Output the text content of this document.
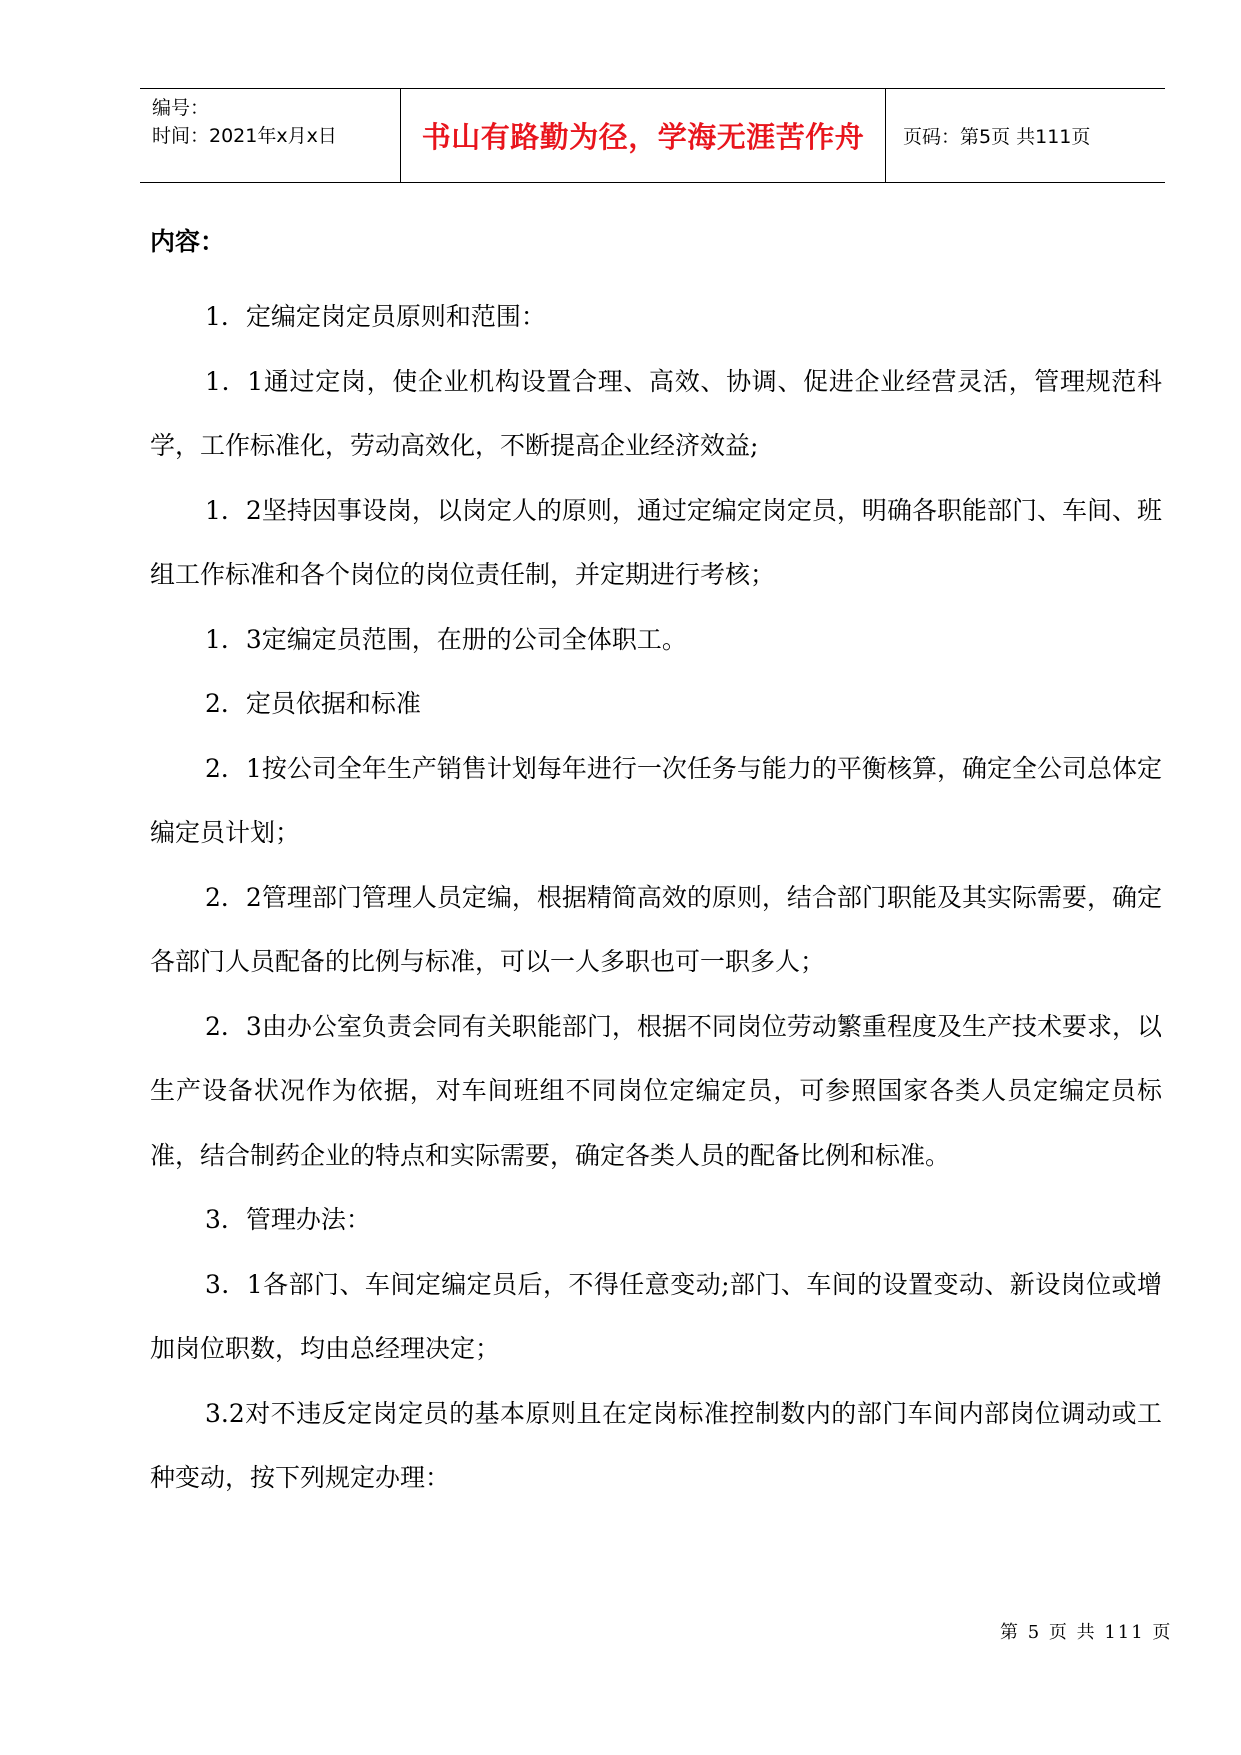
编号：
时间：2021年x月x日	书山有路勤为径，学海无涯苦作舟 页码：第5页 共111页
内容：

1．定编定岗定员原则和范围：

1．1通过定岗，使企业机构设置合理、高效、协调、促进企业经营灵活，管理规范科学，工作标准化，劳动高效化，不断提高企业经济效益;

1．2坚持因事设岗，以岗定人的原则，通过定编定岗定员，明确各职能部门、车间、班组工作标准和各个岗位的岗位责任制，并定期进行考核；

1．3定编定员范围，在册的公司全体职工。

2．定员依据和标准

2．1按公司全年生产销售计划每年进行一次任务与能力的平衡核算，确定全公司总体定编定员计划；

2．2管理部门管理人员定编，根据精简高效的原则，结合部门职能及其实际需要，确定各部门人员配备的比例与标准，可以一人多职也可一职多人；

2．3由办公室负责会同有关职能部门，根据不同岗位劳动繁重程度及生产技术要求，以生产设备状况作为依据，对车间班组不同岗位定编定员，可参照国家各类人员定编定员标准，结合制药企业的特点和实际需要，确定各类人员的配备比例和标准。

3．管理办法：

3．1各部门、车间定编定员后，不得任意变动;部门、车间的设置变动、新设岗位或增加岗位职数，均由总经理决定；

3.2对不违反定岗定员的基本原则且在定岗标准控制数内的部门车间内部岗位调动或工种变动，按下列规定办理：

第 5 页 共 111 页
